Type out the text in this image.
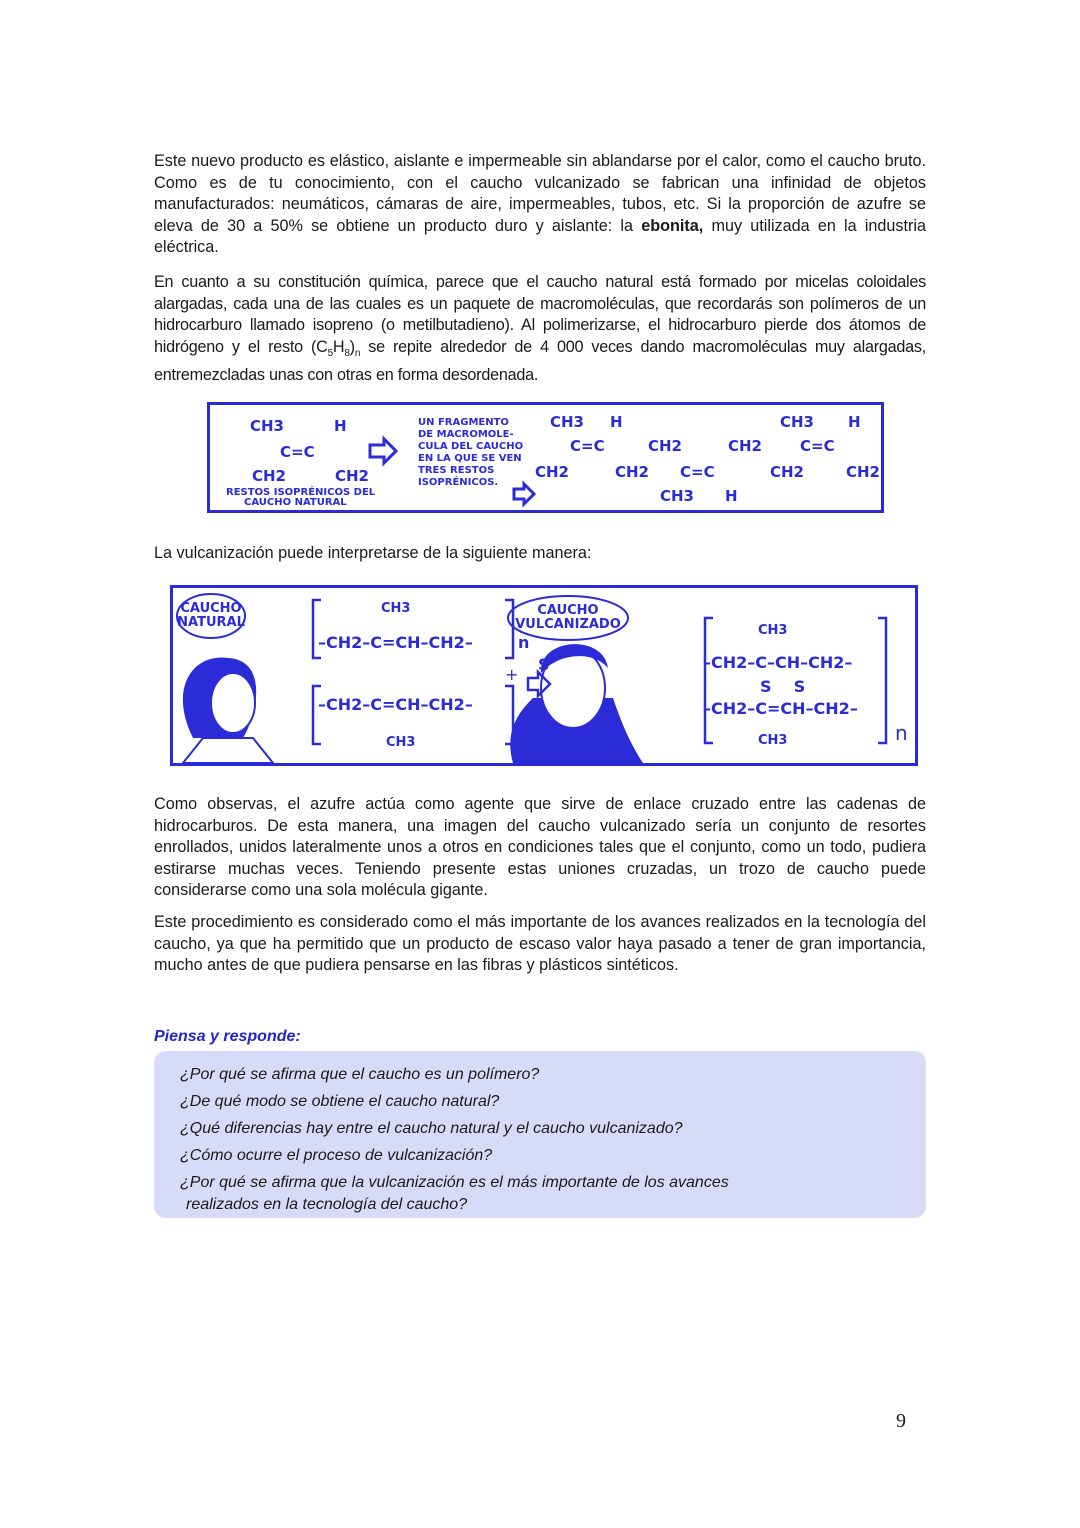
Este nuevo producto es elástico, aislante e impermeable sin ablandarse por el calor, como el caucho bruto. Como es de tu conocimiento, con el caucho vulcanizado se fabrican una infinidad de objetos manufacturados: neumáticos, cámaras de aire, impermeables, tubos, etc. Si la proporción de azufre se eleva de 30 a 50% se obtiene un producto duro y aislante: la ebonita, muy utilizada en la industria eléctrica.

En cuanto a su constitución química, parece que el caucho natural está formado por micelas coloidales alargadas, cada una de las cuales es un paquete de macromoléculas, que recordarás son polímeros de un hidrocarburo llamado isopreno (o metilbutadieno). Al polimerizarse, el hidrocarburo pierde dos átomos de hidrógeno y el resto $(C_5H_8)_n$ se repite alrededor de 4 000 veces dando macromoléculas muy alargadas, entremezcladas unas con otras en forma desordenada.

CH3	H
C=C
CH2	CH2
CH3 H
C=C
CH2
CH2
CH2 C=C
CH2
CH3 H
CH2
CH3 H
C=C
CH2
RESTOS ISOPRÉNICOS DEL
CAUCHO NATURAL
UN FRAGMENTO
DE MACROMOLE-
CULA DEL CAUCHO
EN LA QUE SE VEN
TRES RESTOS
ISOPRÉNICOS.

La vulcanización puede interpretarse de la siguiente manera:

CAUCHO
NATURAL
CAUCHO
VULCANIZADO
–CH2–C=CH–CH2–
CH3
n
–CH2–C=CH–CH2–
CH3	n
+
S
CH3
–CH2–C–CH–CH2–
S    S
–CH2–C=CH–CH2–
CH3	n

Como observas, el azufre actúa como agente que sirve de enlace cruzado entre las cadenas de hidrocarburos. De esta manera, una imagen del caucho vulcanizado sería un conjunto de resortes enrollados, unidos lateralmente unos a otros en condiciones tales que el conjunto, como un todo, pudiera estirarse muchas veces. Teniendo presente estas uniones cruzadas, un trozo de caucho puede considerarse como una sola molécula gigante.

Este procedimiento es considerado como el más importante de los avances realizados en la tecnología del caucho, ya que ha permitido que un producto de escaso valor haya pasado a tener de gran importancia, mucho antes de que pudiera pensarse en las fibras y plásticos sintéticos.

Piensa y responde:
¿Por qué se afirma que el caucho es un polímero?
¿De qué modo se obtiene el caucho natural?
¿Qué diferencias hay entre el caucho natural y el caucho vulcanizado?
¿Cómo ocurre el proceso de vulcanización?
¿Por qué se afirma que la vulcanización es el más importante de los avances
realizados en la tecnología del caucho?
9
